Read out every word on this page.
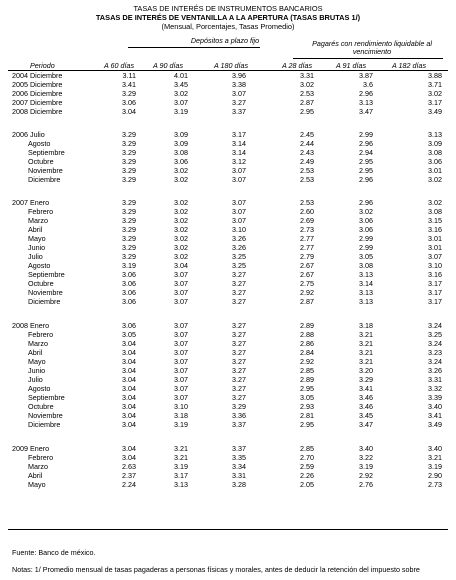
TASAS DE INTERÉS DE INSTRUMENTOS BANCARIOS
TASAS DE INTERÉS DE VENTANILLA A LA APERTURA (TASAS BRUTAS 1/)
(Mensual, Porcentajes, Tasas Promedio)
Depósitos a plazo fijo	Pagarés con rendimiento liquidable al vencimiento
Periodo	A 60 días	A 90 días	A 180 días	A 28 días	A 91 días	A 182 días
2004 Diciembre	3.11	4.01	3.96	3.31	3.87	3.88
2005 Diciembre	3.41	3.45	3.38	3.02	3.6	3.71
2006 Diciembre	3.29	3.02	3.07	2.53	2.96	3.02
2007 Diciembre	3.06	3.07	3.27	2.87	3.13	3.17
2008 Diciembre	3.04	3.19	3.37	2.95	3.47	3.49
2006 Julio	3.29	3.09	3.17	2.45	2.99	3.13
Agosto	3.29	3.09	3.14	2.44	2.96	3.09
Septiembre	3.29	3.08	3.14	2.43	2.94	3.08
Octubre	3.29	3.06	3.12	2.49	2.95	3.06
Noviembre	3.29	3.02	3.07	2.53	2.95	3.01
Diciembre	3.29	3.02	3.07	2.53	2.96	3.02
2007 Enero	3.29	3.02	3.07	2.53	2.96	3.02
Febrero	3.29	3.02	3.07	2.60	3.02	3.08
Marzo	3.29	3.02	3.07	2.69	3.06	3.15
Abril	3.29	3.02	3.10	2.73	3.06	3.16
Mayo	3.29	3.02	3.26	2.77	2.99	3.01
Junio	3.29	3.02	3.26	2.77	2.99	3.01
Julio	3.29	3.02	3.25	2.79	3.05	3.07
Agosto	3.19	3.04	3.25	2.67	3.08	3.10
Septiembre	3.06	3.07	3.27	2.67	3.13	3.16
Octubre	3.06	3.07	3.27	2.75	3.14	3.17
Noviembre	3.06	3.07	3.27	2.92	3.13	3.17
Diciembre	3.06	3.07	3.27	2.87	3.13	3.17
2008 Enero	3.06	3.07	3.27	2.89	3.18	3.24
Febrero	3.05	3.07	3.27	2.88	3.21	3.25
Marzo	3.04	3.07	3.27	2.86	3.21	3.24
Abril	3.04	3.07	3.27	2.84	3.21	3.23
Mayo	3.04	3.07	3.27	2.92	3.21	3.24
Junio	3.04	3.07	3.27	2.85	3.20	3.26
Julio	3.04	3.07	3.27	2.89	3.29	3.31
Agosto	3.04	3.07	3.27	2.95	3.41	3.32
Septiembre	3.04	3.07	3.27	3.05	3.46	3.39
Octubre	3.04	3.10	3.29	2.93	3.46	3.40
Noviembre	3.04	3.18	3.36	2.81	3.45	3.41
Diciembre	3.04	3.19	3.37	2.95	3.47	3.49
2009 Enero	3.04	3.21	3.37	2.85	3.40	3.40
Febrero	3.04	3.21	3.35	2.70	3.22	3.21
Marzo	2.63	3.19	3.34	2.59	3.19	3.19
Abril	2.37	3.17	3.31	2.26	2.92	2.90
Mayo	2.24	3.13	3.28	2.05	2.76	2.73
Fuente: Banco de méxico.
Notas: 1/ Promedio mensual de tasas pagaderas a personas físicas y morales, antes de deducir la retención del impuesto sobre
